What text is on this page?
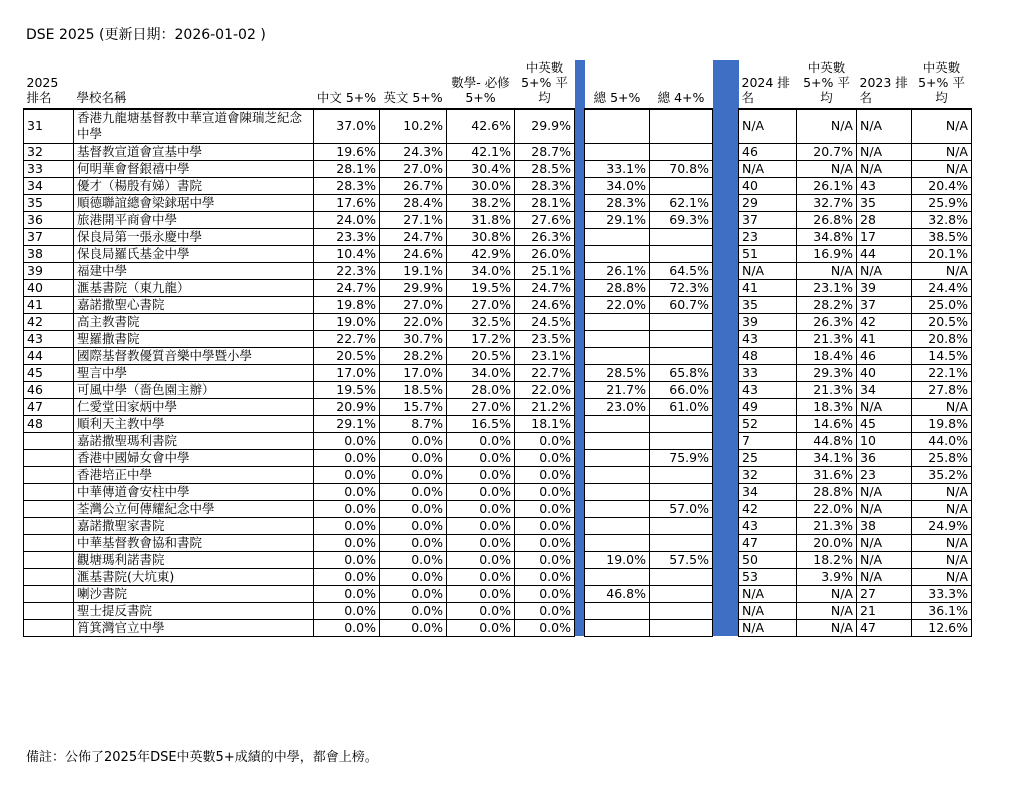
DSE 2025 (更新日期：2026-01-02 )
2025 排名	學校名稱	中文 5+%	英文 5+%	數學- 必修 5+%	中英數 5+% 平均		總 5+%	總 4+%		2024 排名	中英數 5+% 平均	2023 排名	中英數 5+% 平均
31	香港九龍塘基督教中華宣道會陳瑞芝紀念中學	37.0%	10.2%	42.6%	29.9%					N/A	N/A	N/A	N/A
32	基督教宣道會宣基中學	19.6%	24.3%	42.1%	28.7%					46	20.7%	N/A	N/A
33	何明華會督銀禧中學	28.1%	27.0%	30.4%	28.5%		33.1%	70.8%		N/A	N/A	N/A	N/A
34	優才（楊殷有娣）書院	28.3%	26.7%	30.0%	28.3%		34.0%			40	26.1%	43	20.4%
35	順德聯誼總會梁銶琚中學	17.6%	28.4%	38.2%	28.1%		28.3%	62.1%		29	32.7%	35	25.9%
36	旅港開平商會中學	24.0%	27.1%	31.8%	27.6%		29.1%	69.3%		37	26.8%	28	32.8%
37	保良局第一張永慶中學	23.3%	24.7%	30.8%	26.3%					23	34.8%	17	38.5%
38	保良局羅氏基金中學	10.4%	24.6%	42.9%	26.0%					51	16.9%	44	20.1%
39	福建中學	22.3%	19.1%	34.0%	25.1%		26.1%	64.5%		N/A	N/A	N/A	N/A
40	滙基書院（東九龍）	24.7%	29.9%	19.5%	24.7%		28.8%	72.3%		41	23.1%	39	24.4%
41	嘉諾撒聖心書院	19.8%	27.0%	27.0%	24.6%		22.0%	60.7%		35	28.2%	37	25.0%
42	高主教書院	19.0%	22.0%	32.5%	24.5%					39	26.3%	42	20.5%
43	聖羅撒書院	22.7%	30.7%	17.2%	23.5%					43	21.3%	41	20.8%
44	國際基督教優質音樂中學暨小學	20.5%	28.2%	20.5%	23.1%					48	18.4%	46	14.5%
45	聖言中學	17.0%	17.0%	34.0%	22.7%		28.5%	65.8%		33	29.3%	40	22.1%
46	可風中學（嗇色園主辦）	19.5%	18.5%	28.0%	22.0%		21.7%	66.0%		43	21.3%	34	27.8%
47	仁愛堂田家炳中學	20.9%	15.7%	27.0%	21.2%		23.0%	61.0%		49	18.3%	N/A	N/A
48	順利天主教中學	29.1%	8.7%	16.5%	18.1%					52	14.6%	45	19.8%
	嘉諾撒聖瑪利書院	0.0%	0.0%	0.0%	0.0%					7	44.8%	10	44.0%
	香港中國婦女會中學	0.0%	0.0%	0.0%	0.0%			75.9%		25	34.1%	36	25.8%
	香港培正中學	0.0%	0.0%	0.0%	0.0%					32	31.6%	23	35.2%
	中華傳道會安柱中學	0.0%	0.0%	0.0%	0.0%					34	28.8%	N/A	N/A
	荃灣公立何傳耀紀念中學	0.0%	0.0%	0.0%	0.0%			57.0%		42	22.0%	N/A	N/A
	嘉諾撒聖家書院	0.0%	0.0%	0.0%	0.0%					43	21.3%	38	24.9%
	中華基督教會協和書院	0.0%	0.0%	0.0%	0.0%					47	20.0%	N/A	N/A
	觀塘瑪利諾書院	0.0%	0.0%	0.0%	0.0%		19.0%	57.5%		50	18.2%	N/A	N/A
	滙基書院(大坑東)	0.0%	0.0%	0.0%	0.0%					53	3.9%	N/A	N/A
	喇沙書院	0.0%	0.0%	0.0%	0.0%		46.8%			N/A	N/A	27	33.3%
	聖士提反書院	0.0%	0.0%	0.0%	0.0%					N/A	N/A	21	36.1%
	筲箕灣官立中學	0.0%	0.0%	0.0%	0.0%					N/A	N/A	47	12.6%
備註：公佈了2025年DSE中英數5+成績的中學，都會上榜。
